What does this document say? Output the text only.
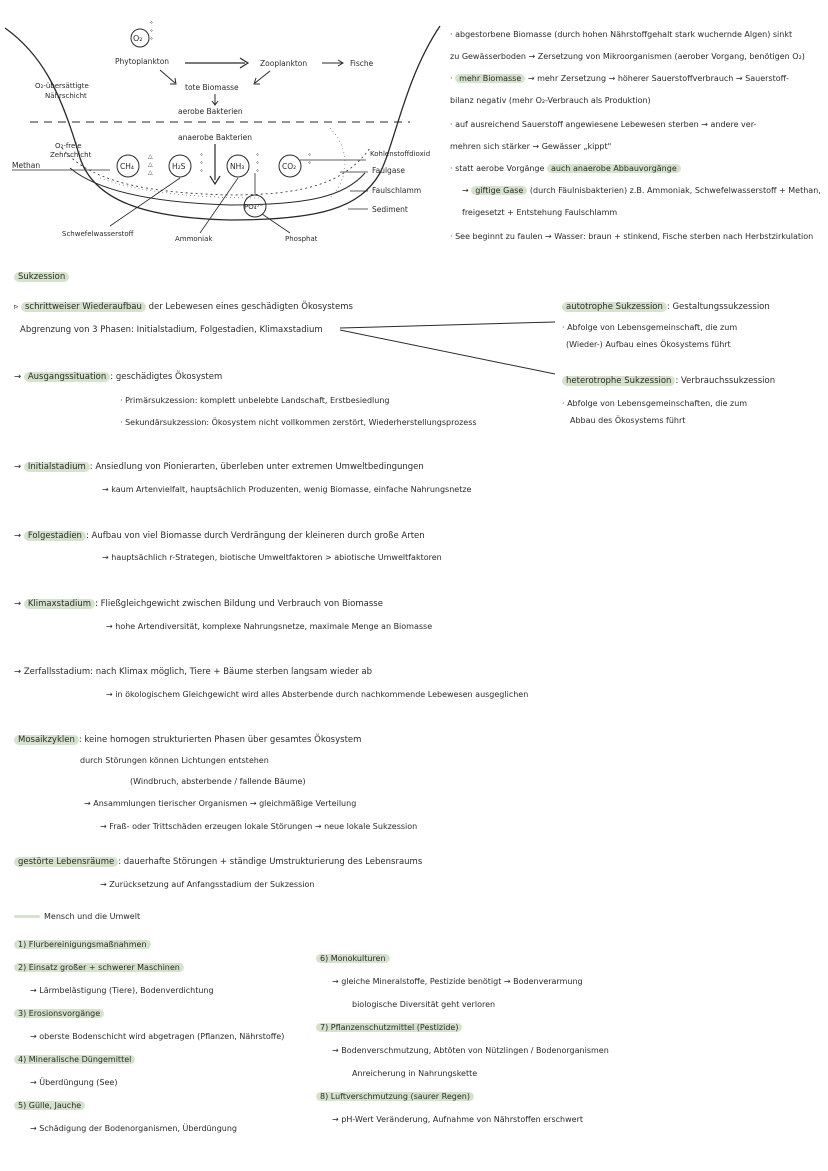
O₂
°
°
°
Phytoplankton	Zooplankton	Fische
tote Biomasse
aerobe Bakterien
anaerobe Bakterien
O₂-übersättigte
Nährschicht
O₂-freie
Zehrschicht
Methan	CH₄	H₂S	NH₃	CO₂
△
△
△
°
°
°
°
°
°
°
°
PO₄³⁻
Kohlenstoffdioxid
Faulgase
Faulschlamm
Sediment
Schwefelwasserstoff
Ammoniak	Phosphat
· abgestorbene Biomasse (durch hohen Nährstoffgehalt stark wuchernde Algen) sinkt
zu Gewässerboden → Zersetzung von Mikroorganismen (aerober Vorgang, benötigen O₂)
· mehr Biomasse → mehr Zersetzung → höherer Sauerstoffverbrauch → Sauerstoff-
bilanz negativ (mehr O₂-Verbrauch als Produktion)
· auf ausreichend Sauerstoff angewiesene Lebewesen sterben → andere ver-
mehren sich stärker → Gewässer „kippt"
· statt aerobe Vorgänge auch anaerobe Abbauvorgänge
→ giftige Gase (durch Fäulnisbakterien) z.B. Ammoniak, Schwefelwasserstoff + Methan,
freigesetzt + Entstehung Faulschlamm
· See beginnt zu faulen → Wasser: braun + stinkend, Fische sterben nach Herbstzirkulation
Sukzession
▹ schrittweiser Wiederaufbau der Lebewesen eines geschädigten Ökosystems
Abgrenzung von 3 Phasen: Initialstadium, Folgestadien, Klimaxstadium
autotrophe Sukzession : Gestaltungssukzession
· Abfolge von Lebensgemeinschaft, die zum
(Wieder-) Aufbau eines Ökosystems führt
heterotrophe Sukzession : Verbrauchssukzession
· Abfolge von Lebensgemeinschaften, die zum
Abbau des Ökosystems führt
→ Ausgangssituation : geschädigtes Ökosystem
· Primärsukzession: komplett unbelebte Landschaft, Erstbesiedlung
· Sekundärsukzession: Ökosystem nicht vollkommen zerstört, Wiederherstellungsprozess
→ Initialstadium : Ansiedlung von Pionierarten, überleben unter extremen Umweltbedingungen
→ kaum Artenvielfalt, hauptsächlich Produzenten, wenig Biomasse, einfache Nahrungsnetze
→ Folgestadien : Aufbau von viel Biomasse durch Verdrängung der kleineren durch große Arten
→ hauptsächlich r-Strategen, biotische Umweltfaktoren > abiotische Umweltfaktoren
→ Klimaxstadium : Fließgleichgewicht zwischen Bildung und Verbrauch von Biomasse
→ hohe Artendiversität, komplexe Nahrungsnetze, maximale Menge an Biomasse
→ Zerfallsstadium: nach Klimax möglich, Tiere + Bäume sterben langsam wieder ab
→ in ökologischem Gleichgewicht wird alles Absterbende durch nachkommende Lebewesen ausgeglichen
Mosaikzyklen : keine homogen strukturierten Phasen über gesamtes Ökosystem
durch Störungen können Lichtungen entstehen
(Windbruch, absterbende / fallende Bäume)
→ Ansammlungen tierischer Organismen → gleichmäßige Verteilung
→ Fraß- oder Trittschäden erzeugen lokale Störungen → neue lokale Sukzession
gestörte Lebensräume : dauerhafte Störungen + ständige Umstrukturierung des Lebensraums
→ Zurücksetzung auf Anfangsstadium der Sukzession
Mensch und die Umwelt
1) Flurbereinigungsmaßnahmen
2) Einsatz großer + schwerer Maschinen
→ Lärmbelästigung (Tiere), Bodenverdichtung
3) Erosionsvorgänge
→ oberste Bodenschicht wird abgetragen (Pflanzen, Nährstoffe)
4) Mineralische Düngemittel
→ Überdüngung (See)
5) Gülle, Jauche
→ Schädigung der Bodenorganismen, Überdüngung
6) Monokulturen
→ gleiche Mineralstoffe, Pestizide benötigt → Bodenverarmung
biologische Diversität geht verloren
7) Pflanzenschutzmittel (Pestizide)
→ Bodenverschmutzung, Abtöten von Nützlingen / Bodenorganismen
Anreicherung in Nahrungskette
8) Luftverschmutzung (saurer Regen)
→ pH-Wert Veränderung, Aufnahme von Nährstoffen erschwert
